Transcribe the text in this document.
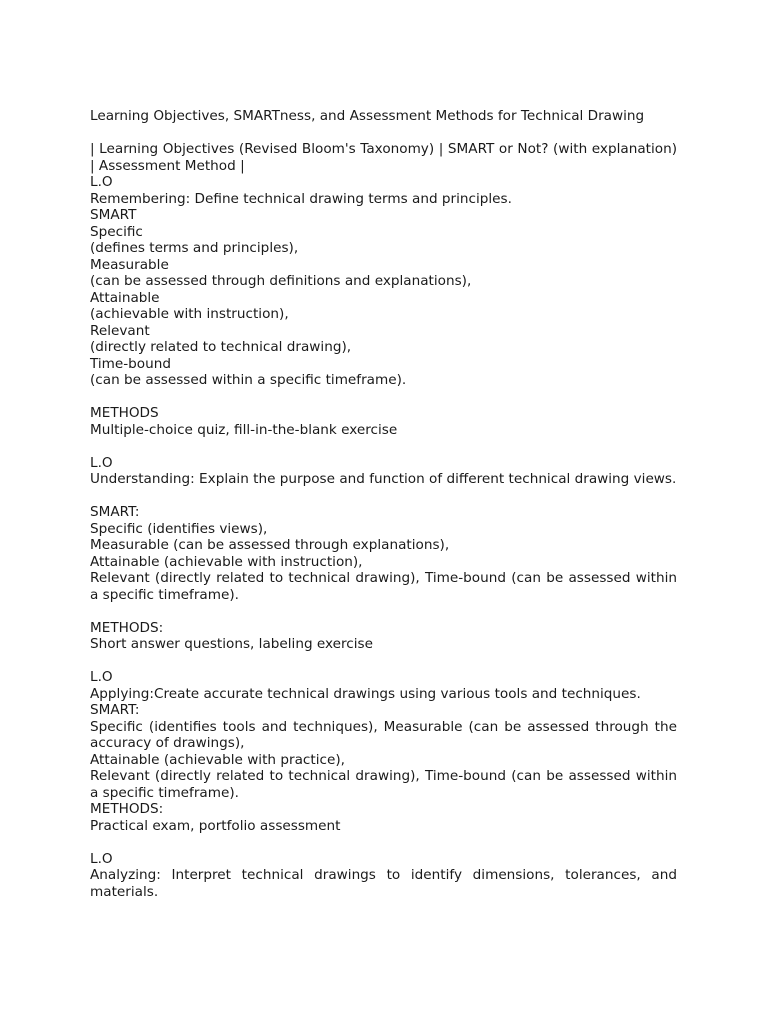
Learning Objectives, SMARTness, and Assessment Methods for Technical Drawing

| Learning Objectives (Revised Bloom's Taxonomy) | SMART or Not? (with explanation) | Assessment Method |

L.O

Remembering: Define technical drawing terms and principles.

SMART

Specific

(defines terms and principles),

Measurable

(can be assessed through definitions and explanations),

Attainable

(achievable with instruction),

Relevant

(directly related to technical drawing),

Time-bound

(can be assessed within a specific timeframe).

METHODS

Multiple-choice quiz, fill-in-the-blank exercise

L.O

Understanding: Explain the purpose and function of different technical drawing views.

SMART:

Specific (identifies views),

Measurable (can be assessed through explanations),

Attainable (achievable with instruction),

Relevant (directly related to technical drawing), Time-bound (can be assessed within a specific timeframe).

METHODS:

Short answer questions, labeling exercise

L.O

Applying:Create accurate technical drawings using various tools and techniques.

SMART:

Specific (identifies tools and techniques), Measurable (can be assessed through the accuracy of drawings),

Attainable (achievable with practice),

Relevant (directly related to technical drawing), Time-bound (can be assessed within a specific timeframe).

METHODS:

Practical exam, portfolio assessment

L.O

Analyzing: Interpret technical drawings to identify dimensions, tolerances, and materials.
